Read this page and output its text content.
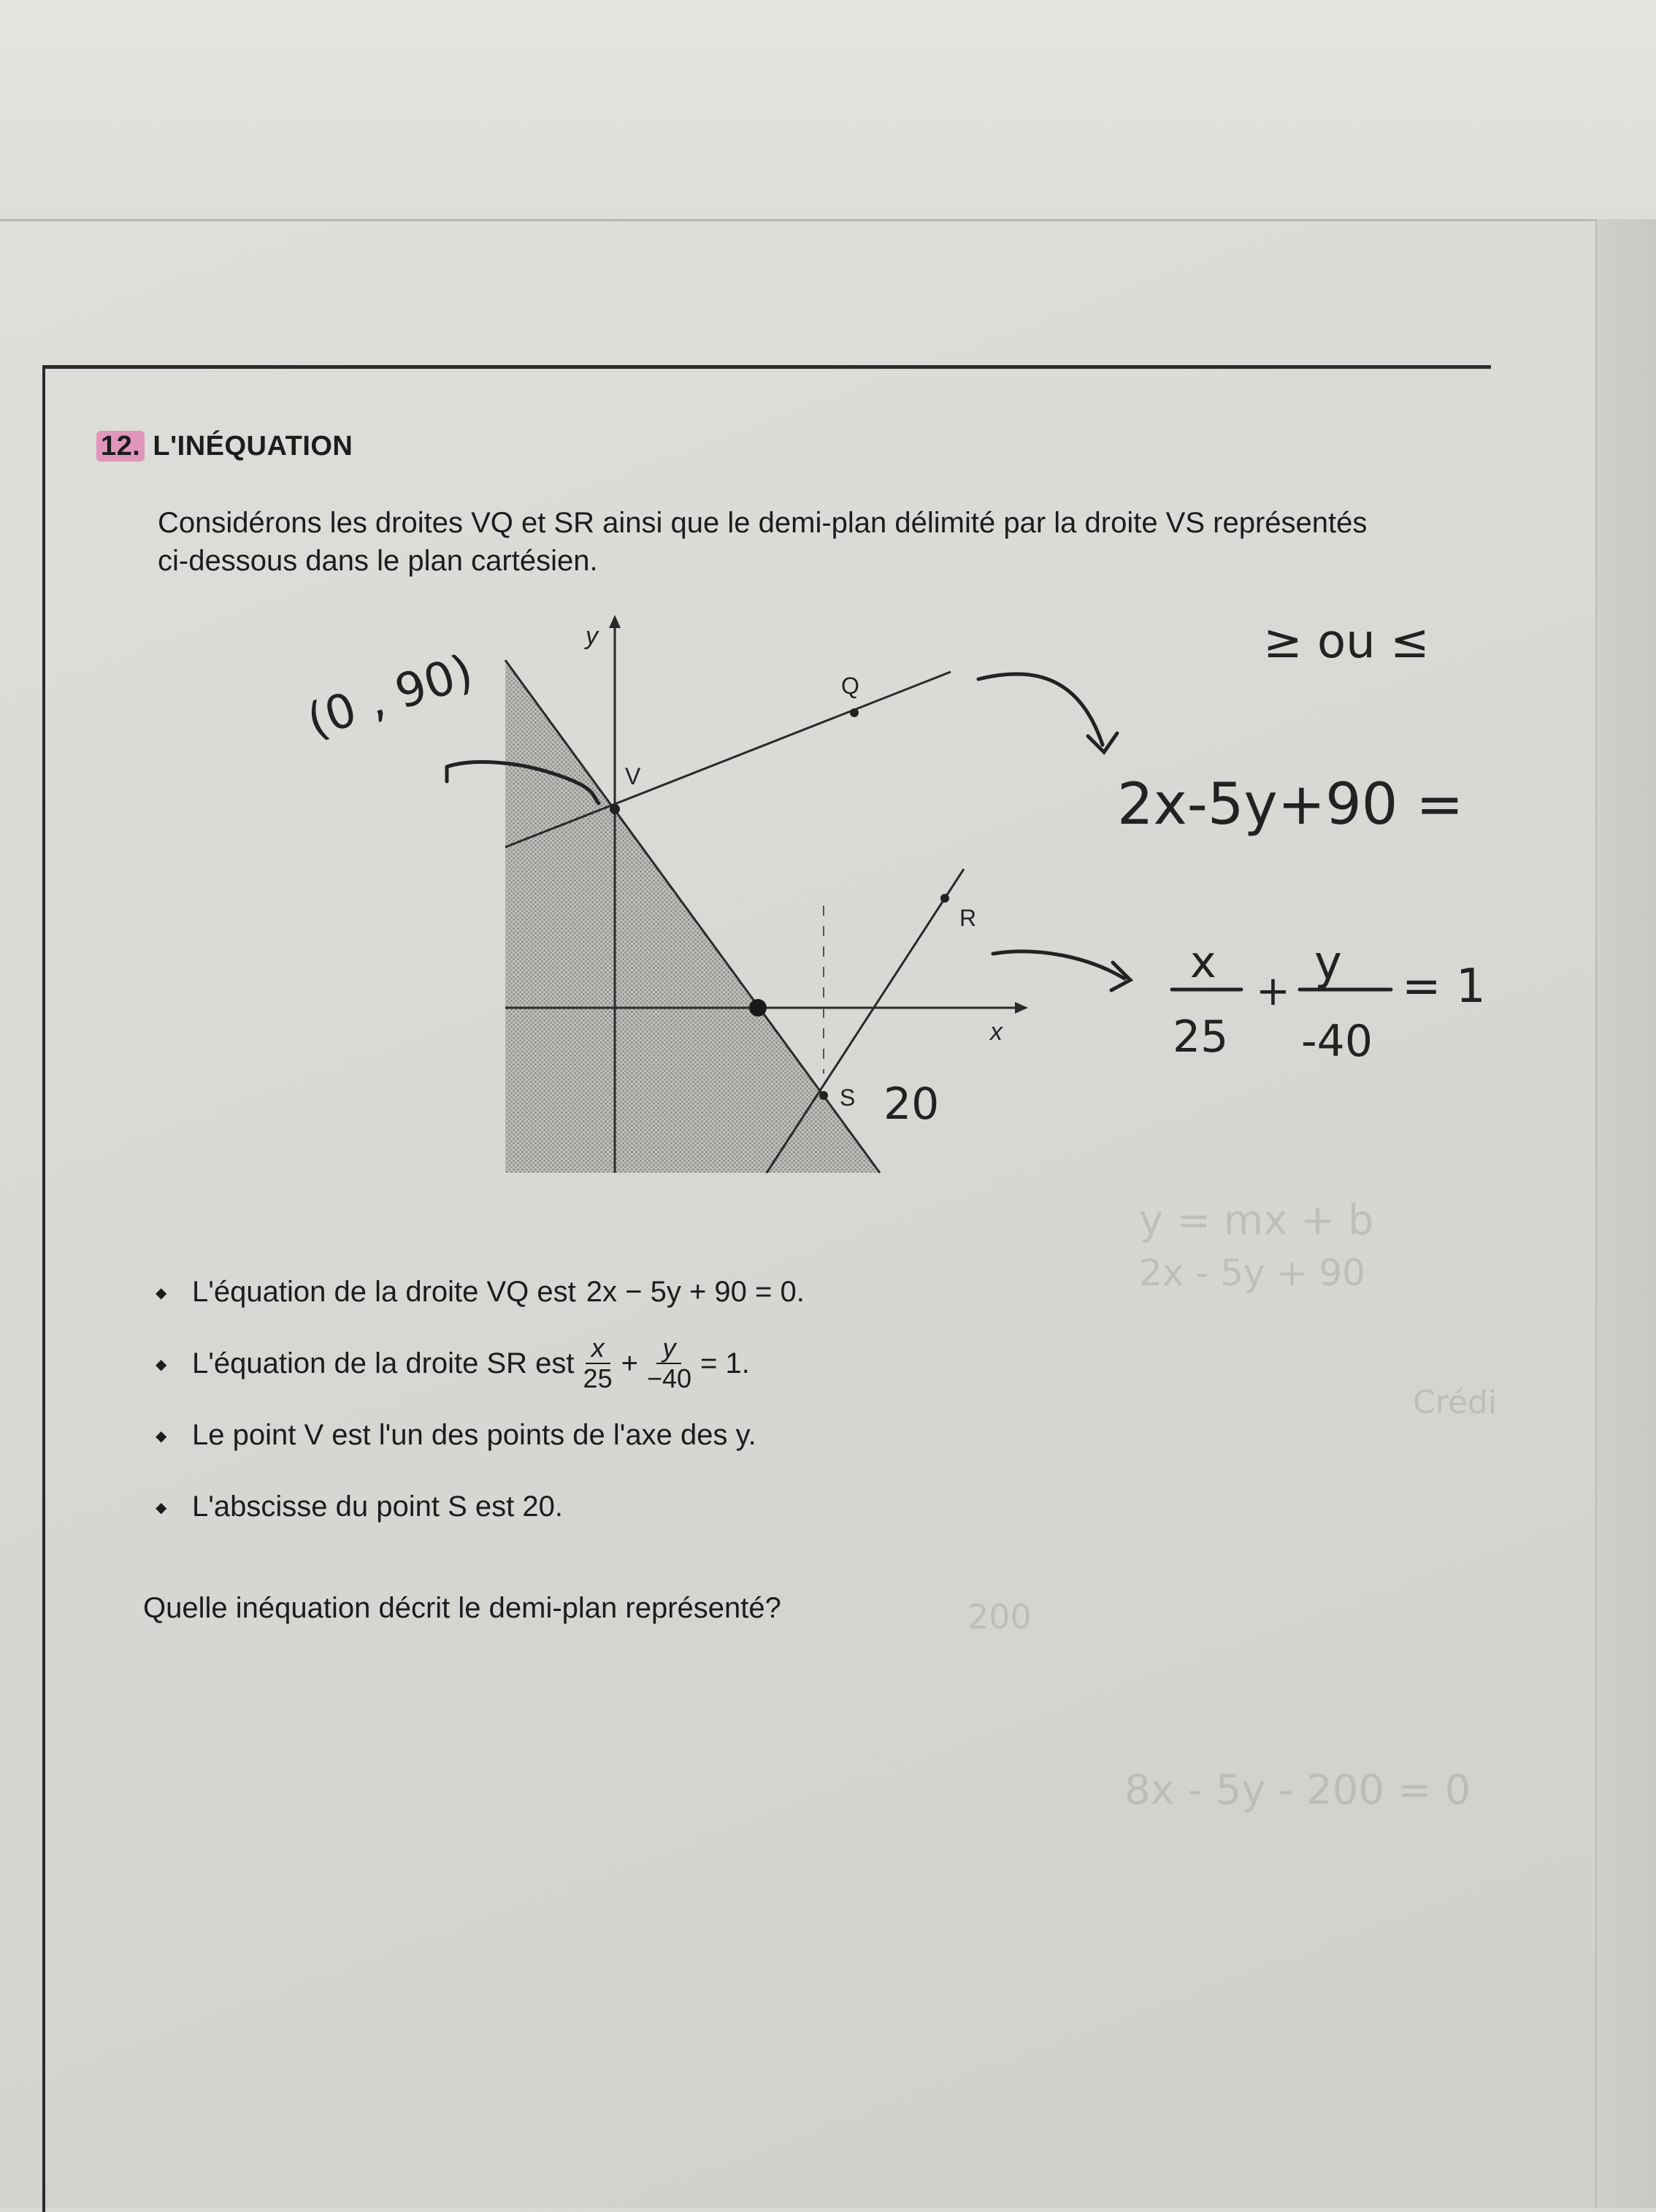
12. L'INÉQUATION
Considérons les droites VQ et SR ainsi que le demi-plan délimité par la droite VS représentés ci-dessous dans le plan cartésien.
y
x
V
Q
R
S
◆ L'équation de la droite VQ est 2x − 5y + 90 = 0.
◆ L'équation de la droite SR est $\frac{x}{25} + \frac{y}{-40} = 1$.
◆ Le point V est l'un des points de l'axe des y.
◆ L'abscisse du point S est 20.
Quelle inéquation décrit le demi-plan représenté?
(0 , 90)
20
≥ ou ≤
2x-5y+90 =
x
25
+
y
-40
= 1
y = mx + b
2x - 5y + 90
Crédi
200
8x - 5y - 200 = 0
